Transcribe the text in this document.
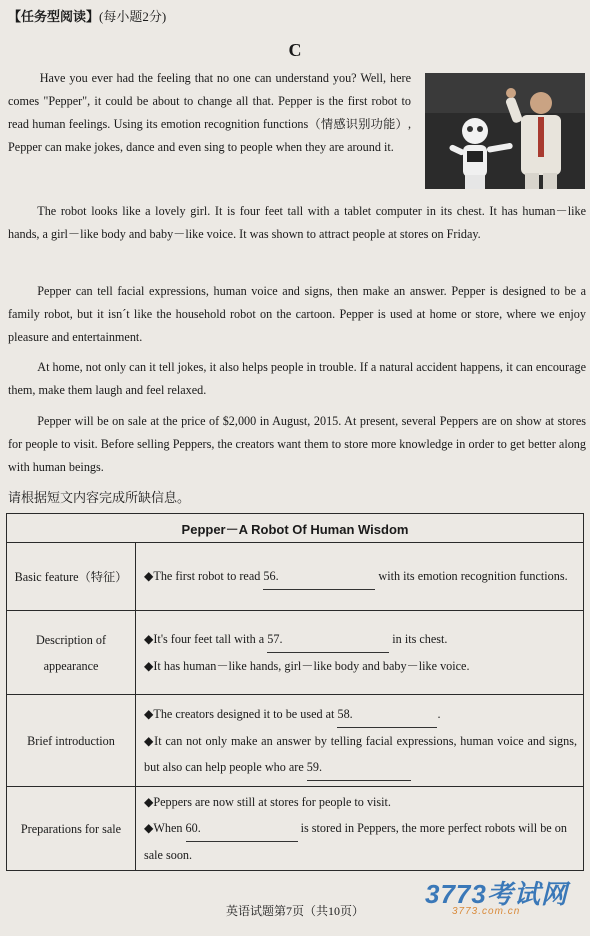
【任务型阅读】(每小题2分)
C
Have you ever had the feeling that no one can understand you? Well, here comes "Pepper", it could be about to change all that. Pepper is the first robot to read human feelings. Using its emotion recognition functions（情感识别功能）, Pepper can make jokes, dance and even sing to people when they are around it.
The robot looks like a lovely girl. It is four feet tall with a tablet computer in its chest. It has human－like hands, a girl－like body and baby－like voice. It was shown to attract people at stores on Friday.
Pepper can tell facial expressions, human voice and signs, then make an answer. Pepper is designed to be a family robot, but it isn´t like the household robot on the cartoon. Pepper is used at home or store, where we enjoy pleasure and entertainment.
At home, not only can it tell jokes, it also helps people in trouble. If a natural accident happens, it can encourage them, make them laugh and feel relaxed.
Pepper will be on sale at the price of $2,000 in August, 2015. At present, several Peppers are on show at stores for people to visit. Before selling Peppers, the creators want them to store more knowledge in order to get better along with human beings.
请根据短文内容完成所缺信息。
Pepper－A Robot Of Human Wisdom	
Basic feature（特征）	◆The first robot to read 56. with its emotion recognition functions.

Description of appearance	◆It's four feet tall with a 57. in its chest.
◆It has human－like hands, girl－like body and baby－like voice.

Brief introduction	◆The creators designed it to be used at 58. .
◆It can not only make an answer by telling facial expressions, human voice and signs, but also can help people who are 59.

Preparations for sale	◆Peppers are now still at stores for people to visit.
◆When 60. is stored in Peppers, the more perfect robots will be on sale soon.
3773考试网
3773.com.cn
英语试题第7页（共10页）
